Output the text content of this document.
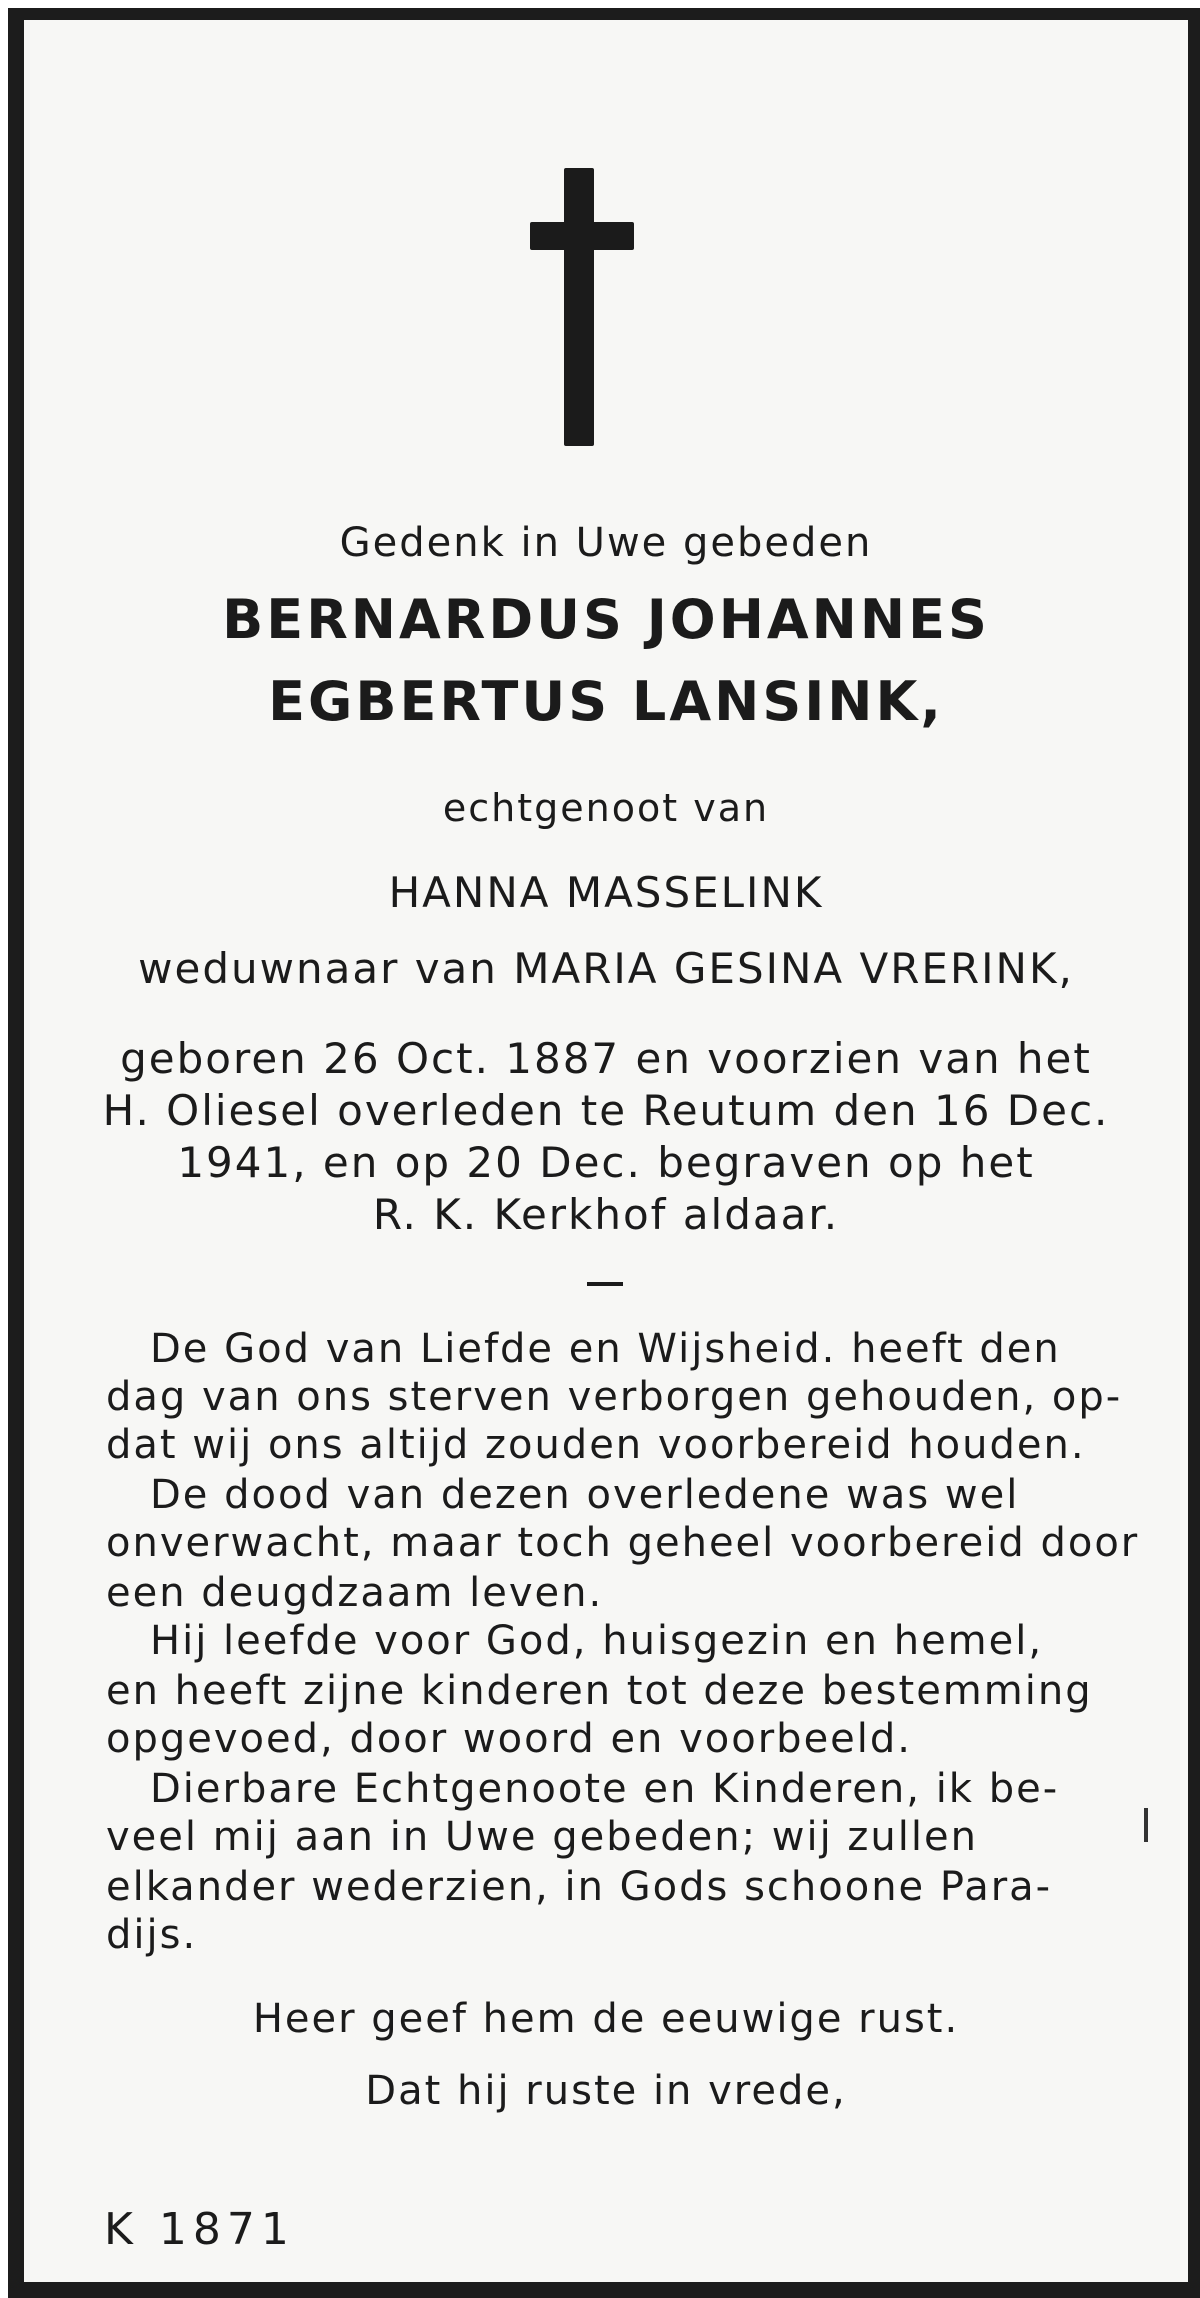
Gedenk in Uwe gebeden
BERNARDUS JOHANNES
EGBERTUS LANSINK,
echtgenoot van
HANNA MASSELINK
weduwnaar van MARIA GESINA VRERINK,
geboren 26 Oct. 1887 en voorzien van het
H. Oliesel overleden te Reutum den 16 Dec.
1941, en op 20 Dec. begraven op het
R. K. Kerkhof aldaar.
De God van Liefde en Wijsheid. heeft den
dag van ons sterven verborgen gehouden, op-
dat wij ons altijd zouden voorbereid houden.
De dood van dezen overledene was wel
onverwacht, maar toch geheel voorbereid door
een deugdzaam leven.
Hij leefde voor God, huisgezin en hemel,
en heeft zijne kinderen tot deze bestemming
opgevoed, door woord en voorbeeld.
Dierbare Echtgenoote en Kinderen, ik be-
veel mij aan in Uwe gebeden; wij zullen
elkander wederzien, in Gods schoone Para-
dijs.
Heer geef hem de eeuwige rust.
Dat hij ruste in vrede,
K 1871
